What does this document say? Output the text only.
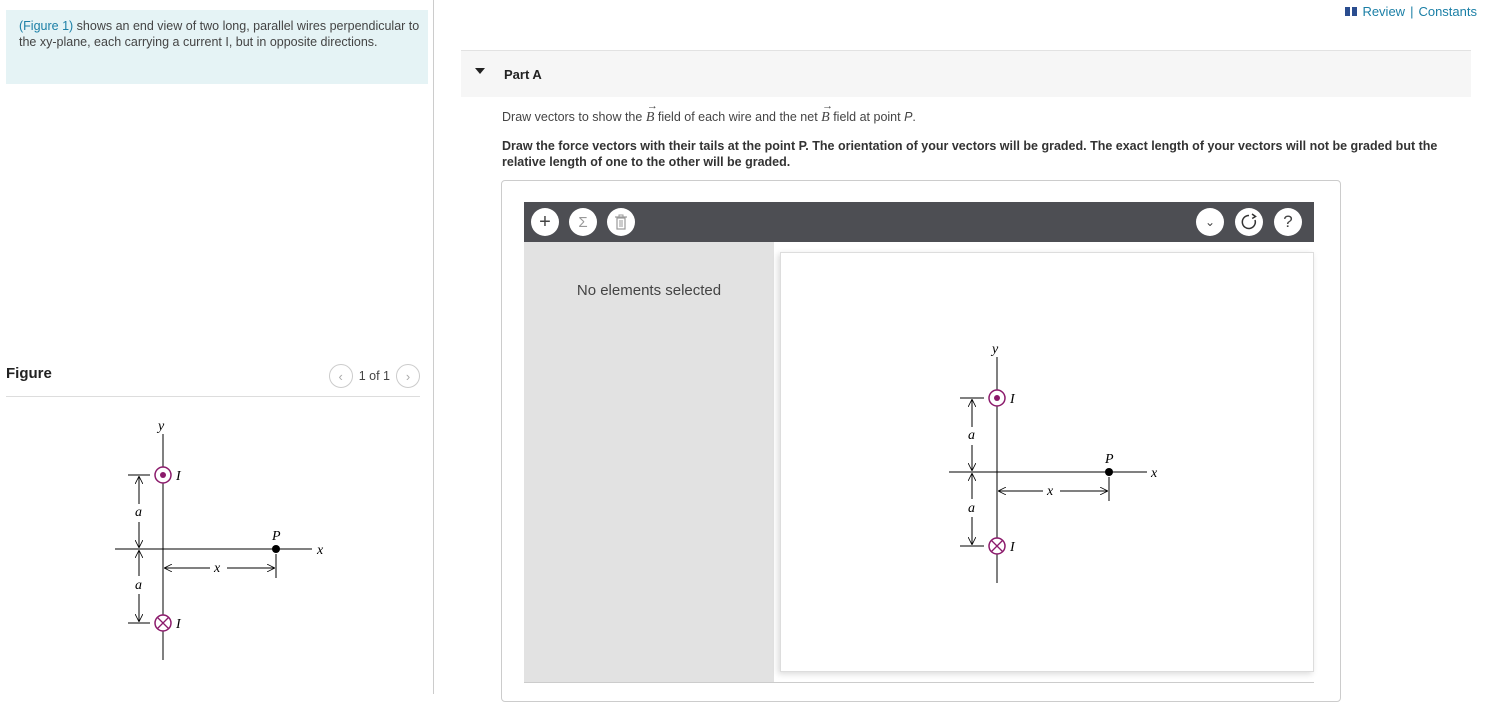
(Figure 1) shows an end view of two long, parallel wires perpendicular to the xy-plane, each carrying a current I, but in opposite directions.
Figure	‹ 1 of 1 ›
y
x
I
I
P
a
a
x
Review | Constants
Part A
Draw vectors to show the → B field of each wire and the net → B field at point P.
Draw the force vectors with their tails at the point P. The orientation of your vectors will be graded. The exact length of your vectors will not be graded but the relative length of one to the other will be graded.
+ Σ	⌄	?
No elements selected
y
x
I
I
P
a
a
x
